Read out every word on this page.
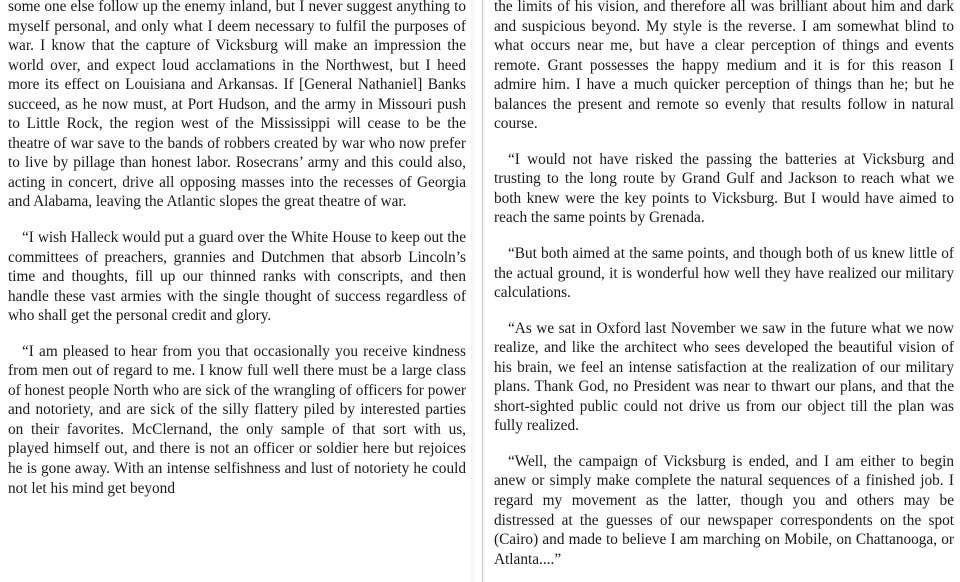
some one else follow up the enemy inland, but I never suggest anything to myself personal, and only what I deem necessary to fulfil the purposes of war. I know that the capture of Vicksburg will make an impression the world over, and expect loud acclamations in the Northwest, but I heed more its effect on Louisiana and Arkansas. If [General Nathaniel] Banks succeed, as he now must, at Port Hudson, and the army in Missouri push to Little Rock, the region west of the Mississippi will cease to be the theatre of war save to the bands of robbers created by war who now prefer to live by pillage than honest labor. Rosecrans’ army and this could also, acting in concert, drive all opposing masses into the recesses of Georgia and Alabama, leaving the Atlantic slopes the great theatre of war.

“I wish Halleck would put a guard over the White House to keep out the committees of preachers, grannies and Dutchmen that absorb Lincoln’s time and thoughts, fill up our thinned ranks with conscripts, and then handle these vast armies with the single thought of success regardless of who shall get the personal credit and glory.

“I am pleased to hear from you that occasionally you receive kindness from men out of regard to me. I know full well there must be a large class of honest people North who are sick of the wrangling of officers for power and notoriety, and are sick of the silly flattery piled by interested parties on their favorites. McClernand, the only sample of that sort with us, played himself out, and there is not an officer or soldier here but rejoices he is gone away. With an intense selfishness and lust of notoriety he could not let his mind get beyond

the limits of his vision, and therefore all was brilliant about him and dark and suspicious beyond. My style is the reverse. I am somewhat blind to what occurs near me, but have a clear perception of things and events remote. Grant possesses the happy medium and it is for this reason I admire him. I have a much quicker perception of things than he; but he balances the present and remote so evenly that results follow in natural course.

“I would not have risked the passing the batteries at Vicksburg and trusting to the long route by Grand Gulf and Jackson to reach what we both knew were the key points to Vicksburg. But I would have aimed to reach the same points by Grenada.

“But both aimed at the same points, and though both of us knew little of the actual ground, it is wonderful how well they have realized our military calculations.

“As we sat in Oxford last November we saw in the future what we now realize, and like the architect who sees developed the beautiful vision of his brain, we feel an intense satisfaction at the realization of our military plans. Thank God, no President was near to thwart our plans, and that the short-sighted public could not drive us from our object till the plan was fully realized.

“Well, the campaign of Vicksburg is ended, and I am either to begin anew or simply make complete the natural sequences of a finished job. I regard my movement as the latter, though you and others may be distressed at the guesses of our newspaper correspondents on the spot (Cairo) and made to believe I am marching on Mobile, on Chattanooga, or Atlanta....”
